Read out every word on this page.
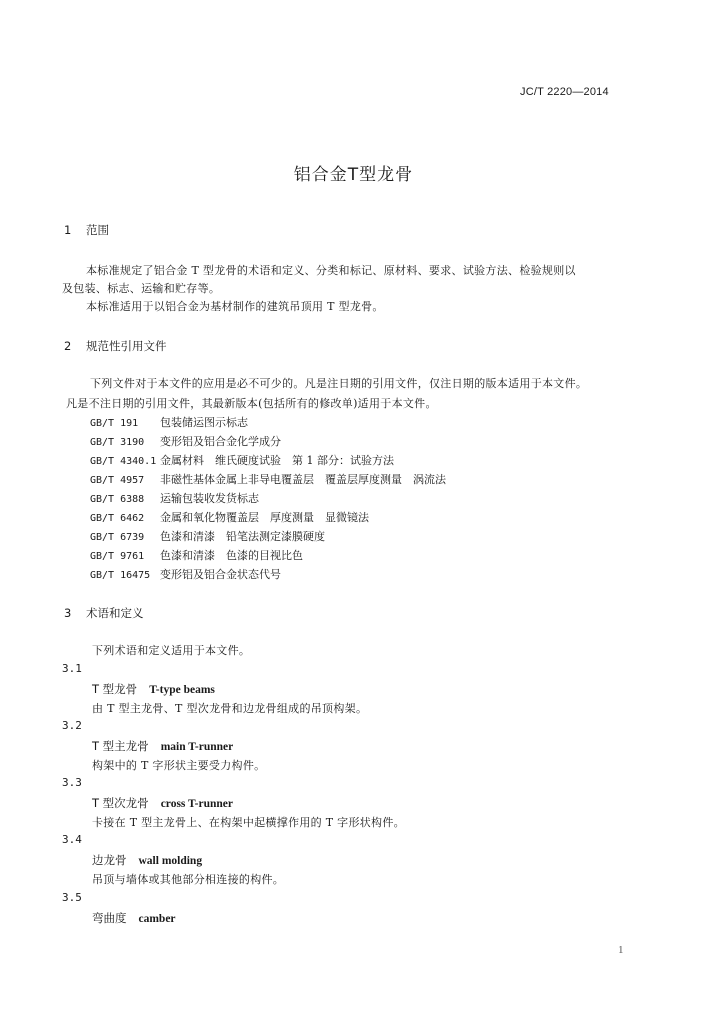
JC/T 2220—2014
铝合金T型龙骨
1 范围
本标准规定了铝合金 T 型龙骨的术语和定义、分类和标记、原材料、要求、试验方法、检验规则以
及包装、标志、运输和贮存等。
本标准适用于以铝合金为基材制作的建筑吊顶用 T 型龙骨。
2 规范性引用文件
下列文件对于本文件的应用是必不可少的。凡是注日期的引用文件，仅注日期的版本适用于本文件。
凡是不注日期的引用文件，其最新版本(包括所有的修改单)适用于本文件。
GB/T 191 包装储运图示标志
GB/T 3190 变形铝及铝合金化学成分
GB/T 4340.1 金属材料　维氏硬度试验　第 1 部分：试验方法
GB/T 4957 非磁性基体金属上非导电覆盖层　覆盖层厚度测量　涡流法
GB/T 6388 运输包装收发货标志
GB/T 6462 金属和氧化物覆盖层　厚度测量　显微镜法
GB/T 6739 色漆和清漆　铅笔法测定漆膜硬度
GB/T 9761 色漆和清漆　色漆的目视比色
GB/T 16475 变形铝及铝合金状态代号
3 术语和定义
下列术语和定义适用于本文件。
3.1
T 型龙骨 T-type beams
由 T 型主龙骨、T 型次龙骨和边龙骨组成的吊顶构架。
3.2
T 型主龙骨 main T-runner
构架中的 T 字形状主要受力构件。
3.3
T 型次龙骨 cross T-runner
卡接在 T 型主龙骨上、在构架中起横撑作用的 T 字形状构件。
3.4
边龙骨 wall molding
吊顶与墙体或其他部分相连接的构件。
3.5
弯曲度 camber
1
